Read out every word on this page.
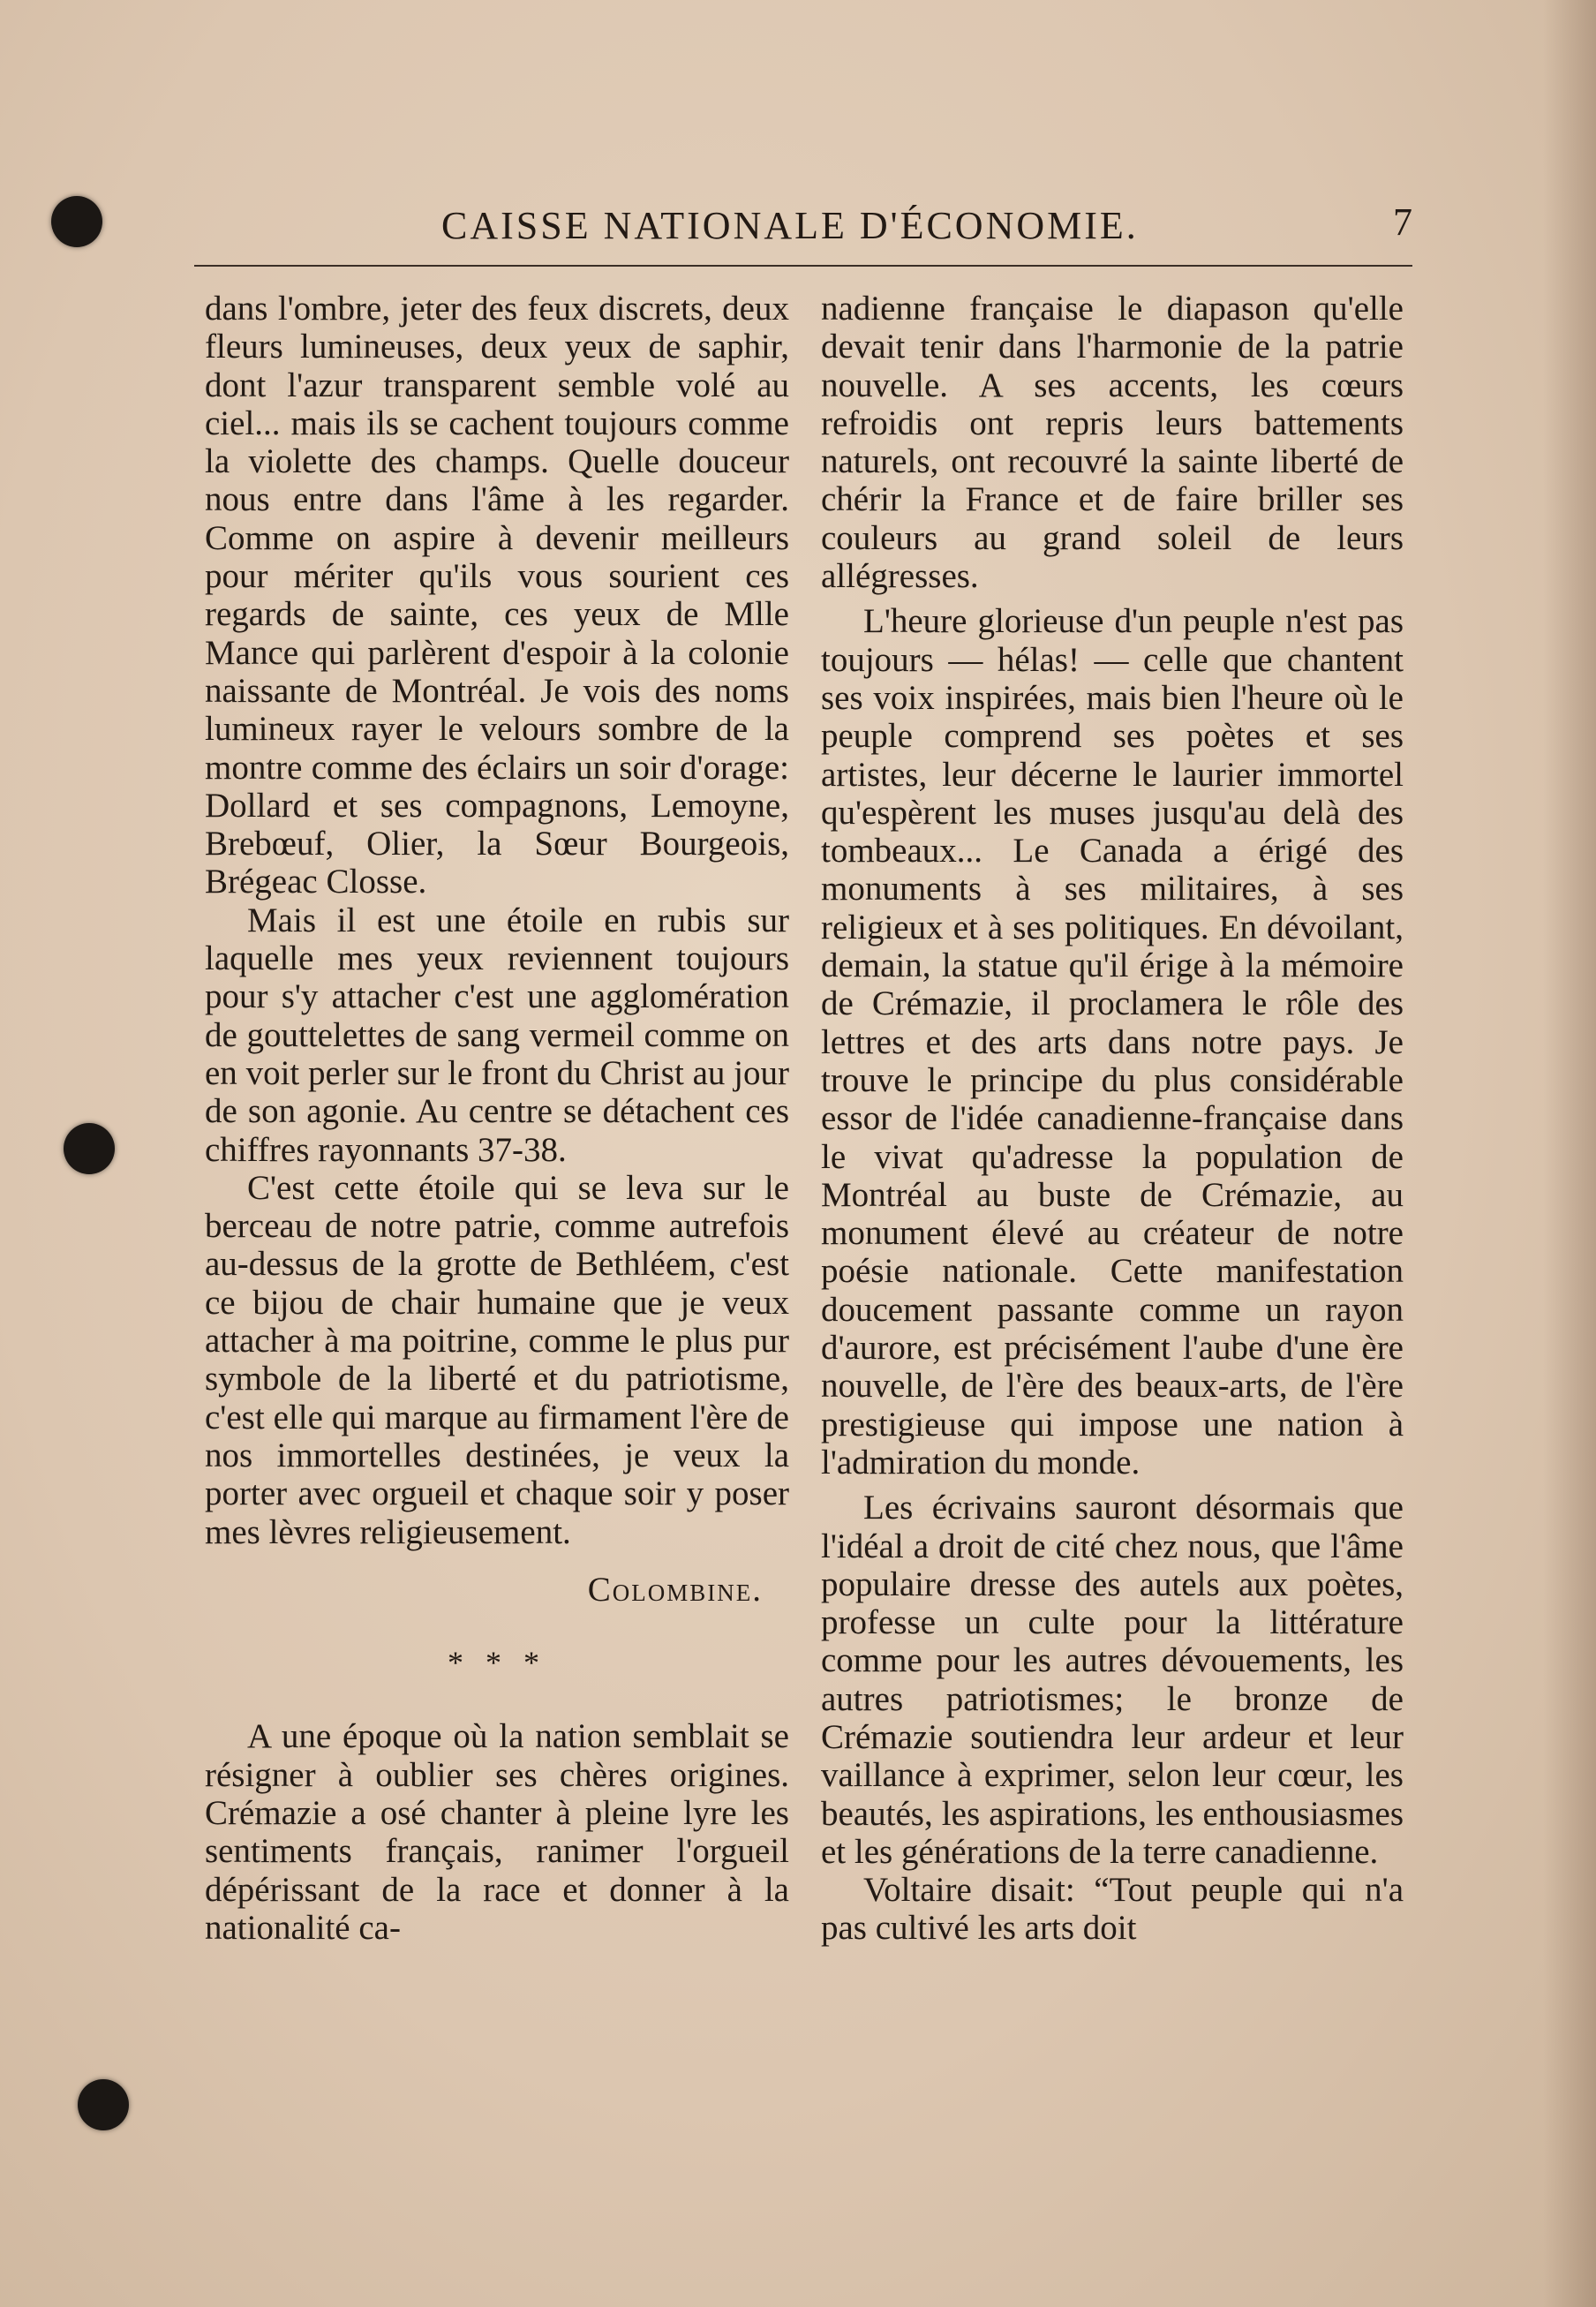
CAISSE NATIONALE D'ÉCONOMIE.	7

dans l'ombre, jeter des feux discrets, deux fleurs lumineuses, deux yeux de saphir, dont l'azur transparent semble volé au ciel... mais ils se cachent toujours comme la violette des champs. Quelle douceur nous entre dans l'âme à les regarder. Comme on aspire à devenir meilleurs pour mériter qu'ils vous sourient ces regards de sainte, ces yeux de Mlle Mance qui parlèrent d'espoir à la colonie naissante de Montréal. Je vois des noms lumineux rayer le velours sombre de la montre comme des éclairs un soir d'orage: Dollard et ses compagnons, Lemoyne, Brebœuf, Olier, la Sœur Bourgeois, Brégeac Closse.

Mais il est une étoile en rubis sur laquelle mes yeux reviennent toujours pour s'y attacher c'est une agglomération de gouttelettes de sang vermeil comme on en voit perler sur le front du Christ au jour de son agonie. Au centre se détachent ces chiffres rayonnants 37-38.

C'est cette étoile qui se leva sur le berceau de notre patrie, comme autrefois au-dessus de la grotte de Bethléem, c'est ce bijou de chair humaine que je veux attacher à ma poitrine, comme le plus pur symbole de la liberté et du patriotisme, c'est elle qui marque au firmament l'ère de nos immortelles destinées, je veux la porter avec orgueil et chaque soir y poser mes lèvres religieusement.

Colombine.

* * *

A une époque où la nation semblait se résigner à oublier ses chères origines. Crémazie a osé chanter à pleine lyre les sentiments français, ranimer l'orgueil dépérissant de la race et donner à la nationalité ca-

nadienne française le diapason qu'elle devait tenir dans l'harmonie de la patrie nouvelle. A ses accents, les cœurs refroidis ont repris leurs battements naturels, ont recouvré la sainte liberté de chérir la France et de faire briller ses couleurs au grand soleil de leurs allégresses.

L'heure glorieuse d'un peuple n'est pas toujours — hélas! — celle que chantent ses voix inspirées, mais bien l'heure où le peuple comprend ses poètes et ses artistes, leur décerne le laurier immortel qu'espèrent les muses jusqu'au delà des tombeaux... Le Canada a érigé des monuments à ses militaires, à ses religieux et à ses politiques. En dévoilant, demain, la statue qu'il érige à la mémoire de Crémazie, il proclamera le rôle des lettres et des arts dans notre pays. Je trouve le principe du plus considérable essor de l'idée canadienne-française dans le vivat qu'adresse la population de Montréal au buste de Crémazie, au monument élevé au créateur de notre poésie nationale. Cette manifestation doucement passante comme un rayon d'aurore, est précisément l'aube d'une ère nouvelle, de l'ère des beaux-arts, de l'ère prestigieuse qui impose une nation à l'admiration du monde.

Les écrivains sauront désormais que l'idéal a droit de cité chez nous, que l'âme populaire dresse des autels aux poètes, professe un culte pour la littérature comme pour les autres dévouements, les autres patriotismes; le bronze de Crémazie soutiendra leur ardeur et leur vaillance à exprimer, selon leur cœur, les beautés, les aspirations, les enthousiasmes et les générations de la terre canadienne.

Voltaire disait: “Tout peuple qui n'a pas cultivé les arts doit
